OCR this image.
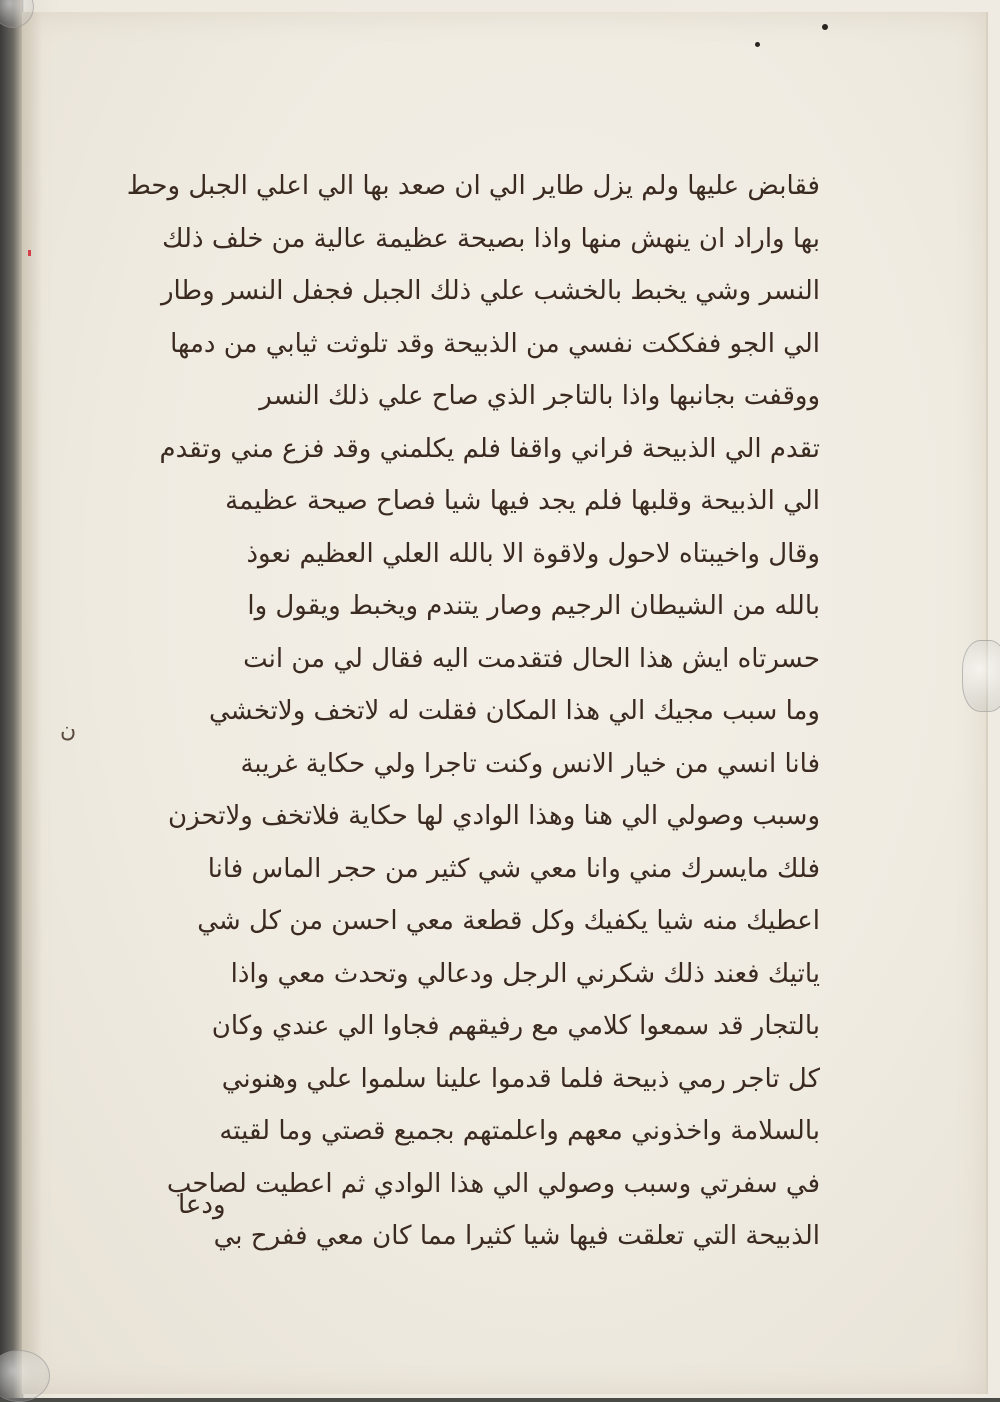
فقابض عليها ولم يزل طاير الي ان صعد بها الي اعلي الجبل وحط
بها واراد ان ينهش منها واذا بصيحة عظيمة عالية من خلف ذلك
النسر وشي يخبط بالخشب علي ذلك الجبل فجفل النسر وطار
الي الجو ففككت نفسي من الذبيحة وقد تلوثت ثيابي من دمها
ووقفت بجانبها واذا بالتاجر الذي صاح علي ذلك النسر
تقدم الي الذبيحة فراني واقفا فلم يكلمني وقد فزع مني وتقدم
الي الذبيحة وقلبها فلم يجد فيها شيا فصاح صيحة عظيمة
وقال واخيبتاه لاحول ولاقوة الا بالله العلي العظيم نعوذ
بالله من الشيطان الرجيم وصار يتندم ويخبط ويقول وا
حسرتاه ايش هذا الحال فتقدمت اليه فقال لي من انت
وما سبب مجيك الي هذا المكان فقلت له لاتخف ولاتخشي
فانا انسي من خيار الانس وكنت تاجرا ولي حكاية غريبة
وسبب وصولي الي هنا وهذا الوادي لها حكاية فلاتخف ولاتحزن
فلك مايسرك مني وانا معي شي كثير من حجر الماس فانا
اعطيك منه شيا يكفيك وكل قطعة معي احسن من كل شي
ياتيك فعند ذلك شكرني الرجل ودعالي وتحدث معي واذا
بالتجار قد سمعوا كلامي مع رفيقهم فجاوا الي عندي وكان
كل تاجر رمي ذبيحة فلما قدموا علينا سلموا علي وهنوني
بالسلامة واخذوني معهم واعلمتهم بجميع قصتي وما لقيته
في سفرتي وسبب وصولي الي هذا الوادي ثم اعطيت لصاحب
الذبيحة التي تعلقت فيها شيا كثيرا مما كان معي ففرح بي
ن
ودعا
